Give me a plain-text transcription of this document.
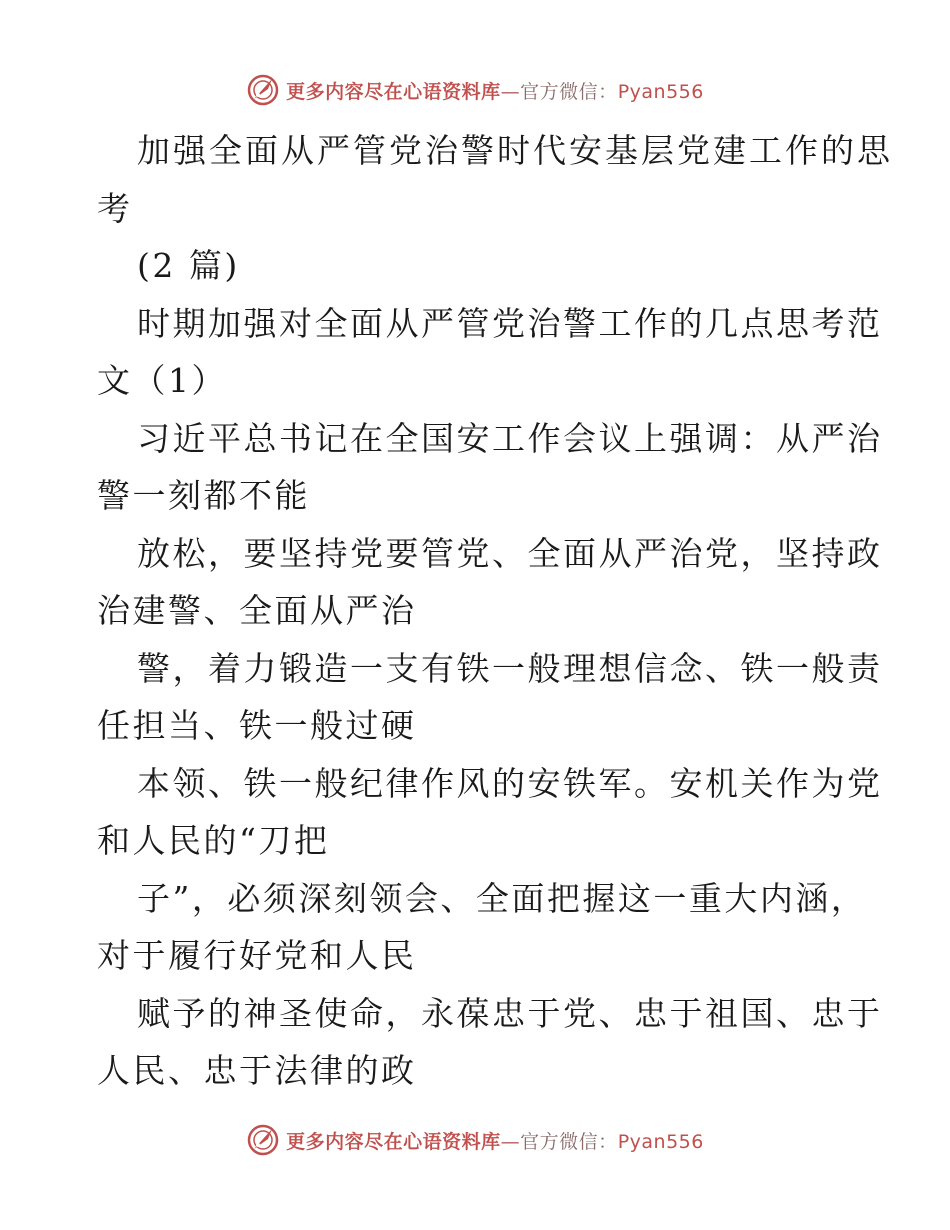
更多内容尽在心语资料库—官方微信：Pyan556
加强全面从严管党治警时代安基层党建工作的思
考
(2 篇)
时期加强对全面从严管党治警工作的几点思考范
文（1）
习近平总书记在全国安工作会议上强调：从严治
警一刻都不能
放松，要坚持党要管党、全面从严治党，坚持政
治建警、全面从严治
警，着力锻造一支有铁一般理想信念、铁一般责
任担当、铁一般过硬
本领、铁一般纪律作风的安铁军。安机关作为党
和人民的“刀把
子”，必须深刻领会、全面把握这一重大内涵，
对于履行好党和人民
赋予的神圣使命，永葆忠于党、忠于祖国、忠于
人民、忠于法律的政
更多内容尽在心语资料库—官方微信：Pyan556
